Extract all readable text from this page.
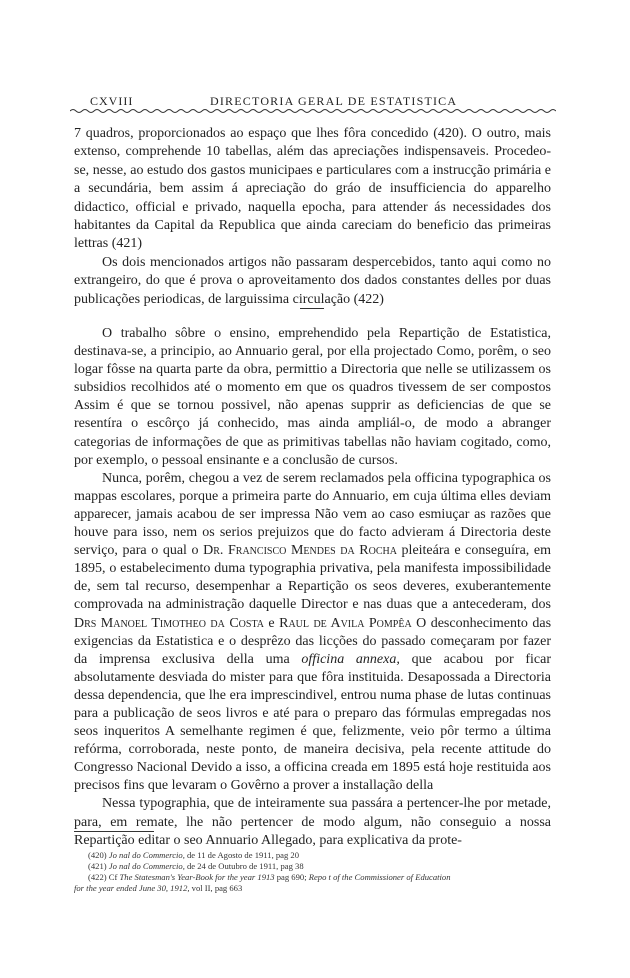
CXVIII	DIRECTORIA GERAL DE ESTATISTICA

7 quadros, proporcionados ao espaço que lhes fôra concedido (420). O outro, mais extenso, comprehende 10 tabellas, além das apreciações indispensaveis. Procedeo-se, nesse, ao estudo dos gastos municipaes e particulares com a instrucção primária e a secundária, bem assim á apreciação do gráo de insufficiencia do apparelho didactico, official e privado, naquella epocha, para attender ás necessidades dos habitantes da Capital da Republica que ainda careciam do beneficio das primeiras lettras (421)

Os dois mencionados artigos não passaram despercebidos, tanto aqui como no extrangeiro, do que é prova o aproveitamento dos dados constantes delles por duas publicações periodicas, de larguissima circulação (422)

O trabalho sôbre o ensino, emprehendido pela Repartição de Estatistica, destinava-se, a principio, ao Annuario geral, por ella projectado Como, porêm, o seo logar fôsse na quarta parte da obra, permittio a Directoria que nelle se utilizassem os subsidios recolhidos até o momento em que os quadros tivessem de ser compostos Assim é que se tornou possivel, não apenas supprir as deficiencias de que se resentíra o escôrço já conhecido, mas ainda ampliál-o, de modo a abranger categorias de informações de que as primitivas tabellas não haviam cogitado, como, por exemplo, o pessoal ensinante e a conclusão de cursos.

Nunca, porêm, chegou a vez de serem reclamados pela officina typographica os mappas escolares, porque a primeira parte do Annuario, em cuja última elles deviam apparecer, jamais acabou de ser impressa Não vem ao caso esmiuçar as razões que houve para isso, nem os serios prejuizos que do facto advieram á Directoria deste serviço, para o qual o Dr. Francisco Mendes da Rocha pleiteára e conseguíra, em 1895, o estabelecimento duma typographia privativa, pela manifesta impossibilidade de, sem tal recurso, desempenhar a Repartição os seos deveres, exuberantemente comprovada na administração daquelle Director e nas duas que a antecederam, dos Drs Manoel Timotheo da Costa e Raul de Avila Pompêa O desconhecimento das exigencias da Estatistica e o desprêzo das licções do passado começaram por fazer da imprensa exclusiva della uma officina annexa, que acabou por ficar absolutamente desviada do mister para que fôra instituida. Desapossada a Directoria dessa dependencia, que lhe era imprescindivel, entrou numa phase de lutas continuas para a publicação de seos livros e até para o preparo das fórmulas empregadas nos seos inqueritos A semelhante regimen é que, felizmente, veio pôr termo a última refórma, corroborada, neste ponto, de maneira decisiva, pela recente attitude do Congresso Nacional Devido a isso, a officina creada em 1895 está hoje restituida aos precisos fins que levaram o Govêrno a prover a installação della

Nessa typographia, que de inteiramente sua passára a pertencer-lhe por metade, para, em remate, lhe não pertencer de modo algum, não conseguio a nossa Repartição editar o seo Annuario Allegado, para explicativa da prote-

(420) Jo nal do Commercio, de 11 de Agosto de 1911, pag 20
(421) Jo nal do Commercio, de 24 de Outubro de 1911, pag 38
(422) Cf The Statesman's Year-Book for the year 1913 pag 690; Repo t of the Commissioner of Education
for the year ended June 30, 1912, vol II, pag 663
